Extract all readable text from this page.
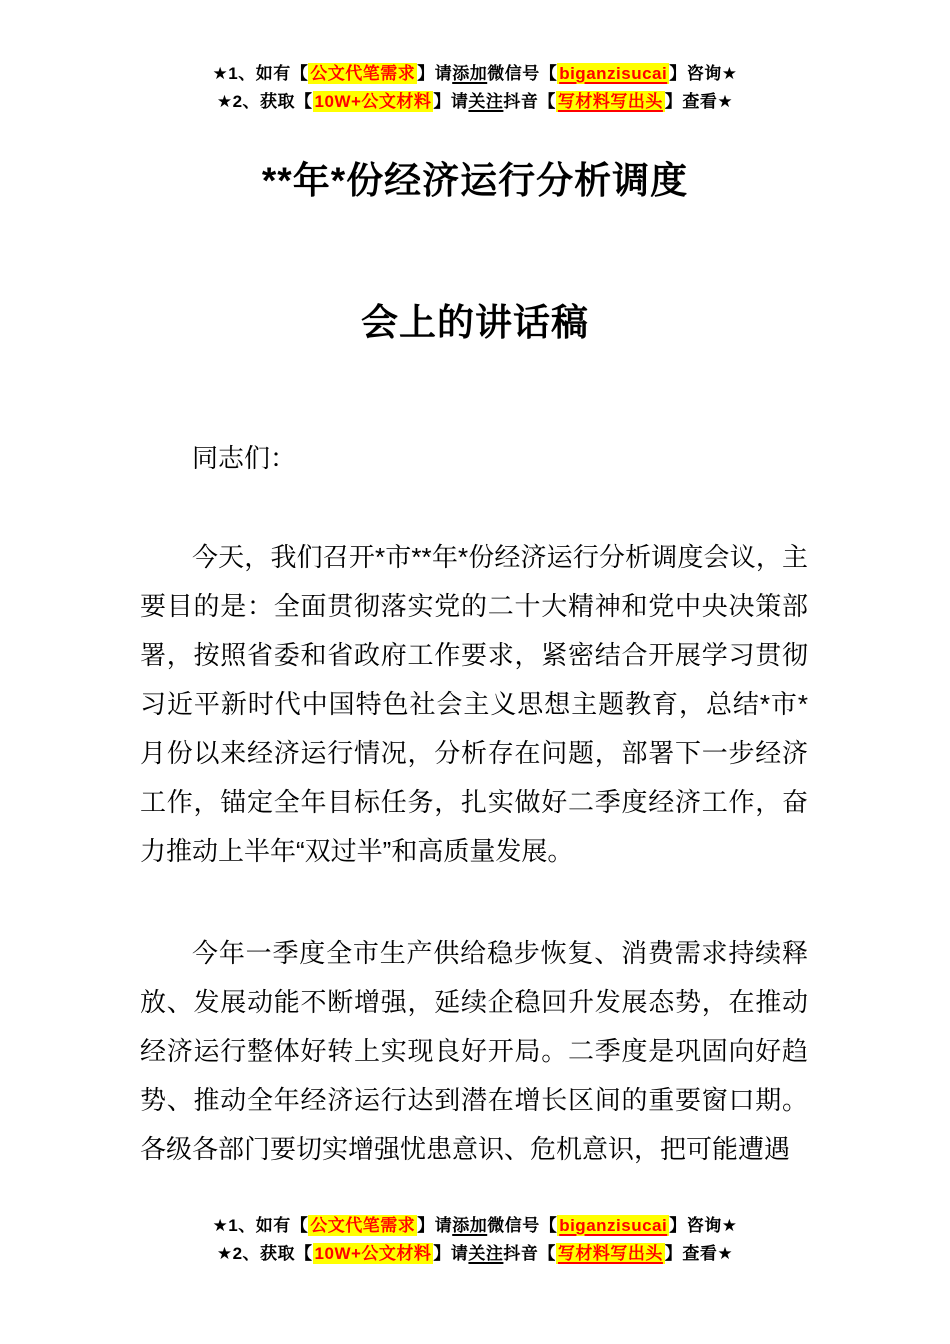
★1、如有【 公文代笔需求 】请添加微信号【 biganzisucai 】咨询★
★2、获取【 10W+公文材料 】请关注抖音【 写材料写出头 】查看★
**年*份经济运行分析调度
会上的讲话稿

同志们：

今天，我们召开*市**年*份经济运行分析调度会议，主要目的是：全面贯彻落实党的二十大精神和党中央决策部署，按照省委和省政府工作要求，紧密结合开展学习贯彻习近平新时代中国特色社会主义思想主题教育，总结*市*月份以来经济运行情况，分析存在问题，部署下一步经济工作，锚定全年目标任务，扎实做好二季度经济工作，奋力推动上半年“双过半”和高质量发展。

今年一季度全市生产供给稳步恢复、消费需求持续释放、发展动能不断增强，延续企稳回升发展态势，在推动经济运行整体好转上实现良好开局。二季度是巩固向好趋势、推动全年经济运行达到潜在增长区间的重要窗口期。各级各部门要切实增强忧患意识、危机意识，把可能遭遇

★1、如有【 公文代笔需求 】请添加微信号【 biganzisucai 】咨询★
★2、获取【 10W+公文材料 】请关注抖音【 写材料写出头 】查看★
